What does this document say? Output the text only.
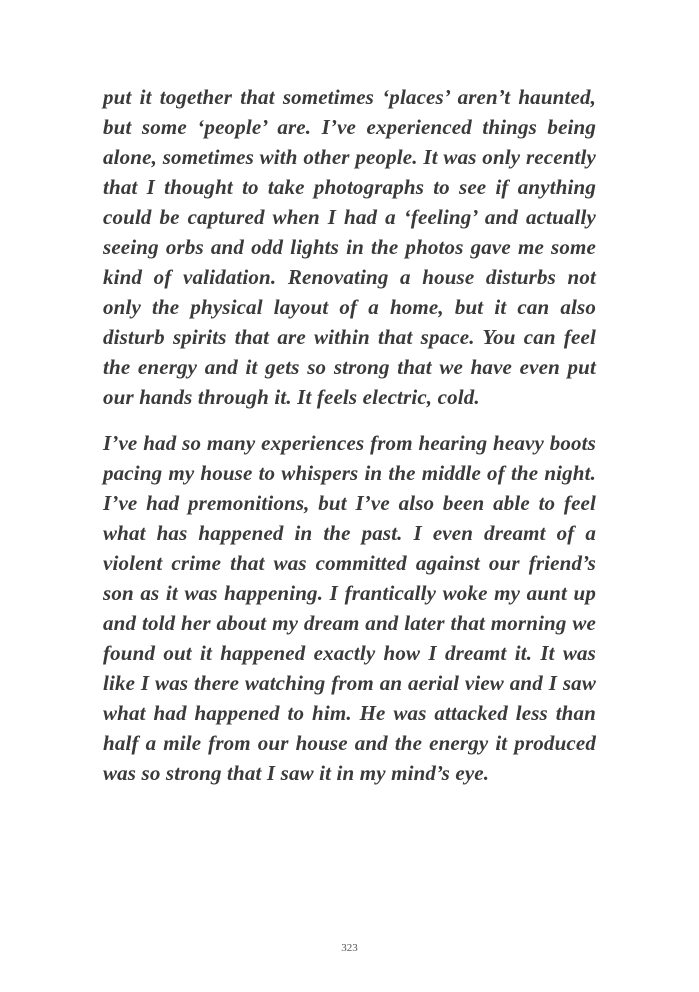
put it together that sometimes ‘places’ aren’t haunted, but some ‘people’ are. I’ve experienced things being alone, sometimes with other people. It was only recently that I thought to take photographs to see if anything could be captured when I had a ‘feeling’ and actually seeing orbs and odd lights in the photos gave me some kind of validation. Renovating a house disturbs not only the physical layout of a home, but it can also disturb spirits that are within that space. You can feel the energy and it gets so strong that we have even put our hands through it. It feels electric, cold.

I’ve had so many experiences from hearing heavy boots pacing my house to whispers in the middle of the night. I’ve had premonitions, but I’ve also been able to feel what has happened in the past. I even dreamt of a violent crime that was committed against our friend’s son as it was happening. I frantically woke my aunt up and told her about my dream and later that morning we found out it happened exactly how I dreamt it. It was like I was there watching from an aerial view and I saw what had happened to him. He was attacked less than half a mile from our house and the energy it produced was so strong that I saw it in my mind’s eye.

323
